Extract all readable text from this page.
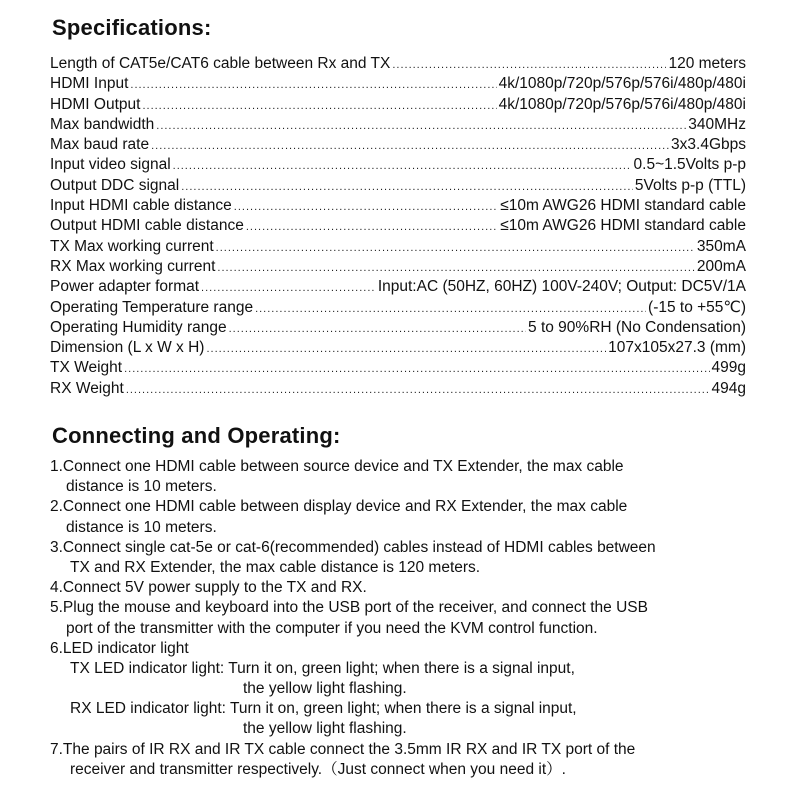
Specifications:
Length of CAT5e/CAT6 cable between Rx and TX .....	120 meters
HDMI Input .....	4k/1080p/720p/576p/576i/480p/480i
HDMI Output .....	4k/1080p/720p/576p/576i/480p/480i
Max bandwidth .....	340MHz
Max baud rate .....	3x3.4Gbps
Input video signal .....	0.5~1.5Volts p-p
Output DDC signal .....	5Volts p-p (TTL)
Input HDMI cable distance .....	≤10m AWG26 HDMI standard cable
Output HDMI cable distance .....	≤10m AWG26 HDMI standard cable
TX Max working current .....	350mA
RX Max working current .....	200mA
Power adapter format .....	Input:AC (50HZ, 60HZ) 100V-240V; Output: DC5V/1A
Operating Temperature range .....	(-15 to +55℃)
Operating Humidity range .....	5 to 90%RH (No Condensation)
Dimension (L x W x H) .....	107x105x27.3 (mm)
TX Weight .....	499g
RX Weight .....	494g
Connecting and Operating:
1.Connect one HDMI cable between source device and TX Extender, the max cable
distance is 10 meters.
2.Connect one HDMI cable between display device and RX Extender, the max cable
distance is 10 meters.
3.Connect single cat-5e or cat-6(recommended) cables instead of HDMI cables between
TX and RX Extender, the max cable distance is 120 meters.
4.Connect 5V power supply to the TX and RX.
5.Plug the mouse and keyboard into the USB port of the receiver, and connect the USB
port of the transmitter with the computer if you need the KVM control function.
6.LED indicator light
TX LED indicator light: Turn it on, green light; when there is a signal input,
the yellow light flashing.
RX LED indicator light: Turn it on, green light; when there is a signal input,
the yellow light flashing.
7.The pairs of IR RX and IR TX cable connect the 3.5mm IR RX and IR TX port of the
receiver and transmitter respectively.（Just connect when you need it）.
